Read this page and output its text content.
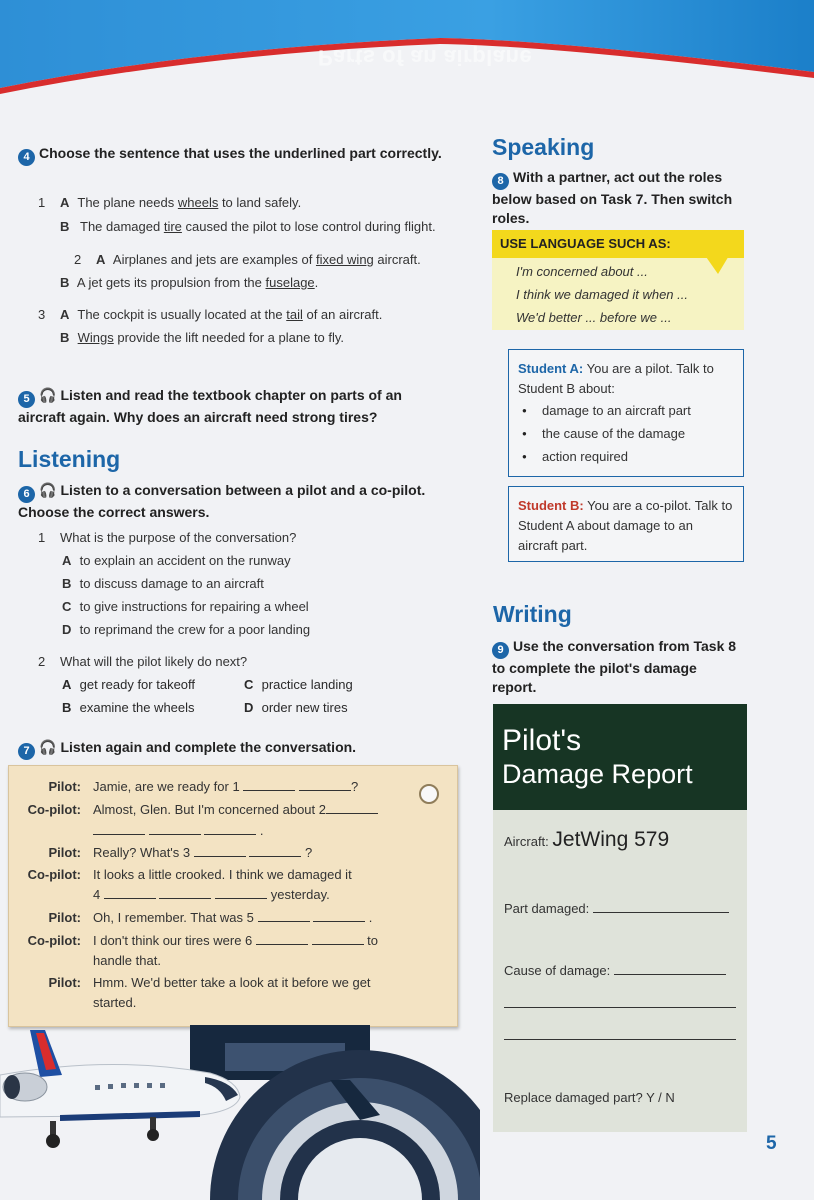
Parts of an airplane
4 Choose the sentence that uses the underlined part correctly.
1 A The plane needs wheels to land safely.
B The damaged tire caused the pilot to lose control during flight.
2 A Airplanes and jets are examples of fixed wing aircraft.
B A jet gets its propulsion from the fuselage.
3 A The cockpit is usually located at the tail of an aircraft.
B Wings provide the lift needed for a plane to fly.
5 🎧 Listen and read the textbook chapter on parts of an aircraft again. Why does an aircraft need strong tires?
Listening
6 🎧 Listen to a conversation between a pilot and a co-pilot. Choose the correct answers.
1 What is the purpose of the conversation?
A to explain an accident on the runway
B to discuss damage to an aircraft
C to give instructions for repairing a wheel
D to reprimand the crew for a poor landing
2 What will the pilot likely do next?
A get ready for takeoff	C practice landing
B examine the wheels	D order new tires
7 🎧 Listen again and complete the conversation.
Pilot: Jamie, are we ready for 1	?
Co-pilot: Almost, Glen. But I'm concerned about 2
.
Pilot: Really? What's 3	?
Co-pilot: It looks a little crooked. I think we damaged it
4	yesterday.
Pilot: Oh, I remember. That was 5	.
Co-pilot: I don't think our tires were 6	to
handle that.
Pilot: Hmm. We'd better take a look at it before we get
started.
Speaking
8 With a partner, act out the roles below based on Task 7. Then switch roles.
USE LANGUAGE SUCH AS:
I'm concerned about ...
I think we damaged it when ...
We'd better ... before we ...
Student A: You are a pilot. Talk to Student B about:
● damage to an aircraft part
● the cause of the damage
● action required
Student B: You are a co-pilot. Talk to Student A about damage to an aircraft part.
Writing
9 Use the conversation from Task 8 to complete the pilot's damage report.
Pilot's
Damage Report
Aircraft: JetWing 579
Part damaged:
Cause of damage:
Replace damaged part? Y / N
5
